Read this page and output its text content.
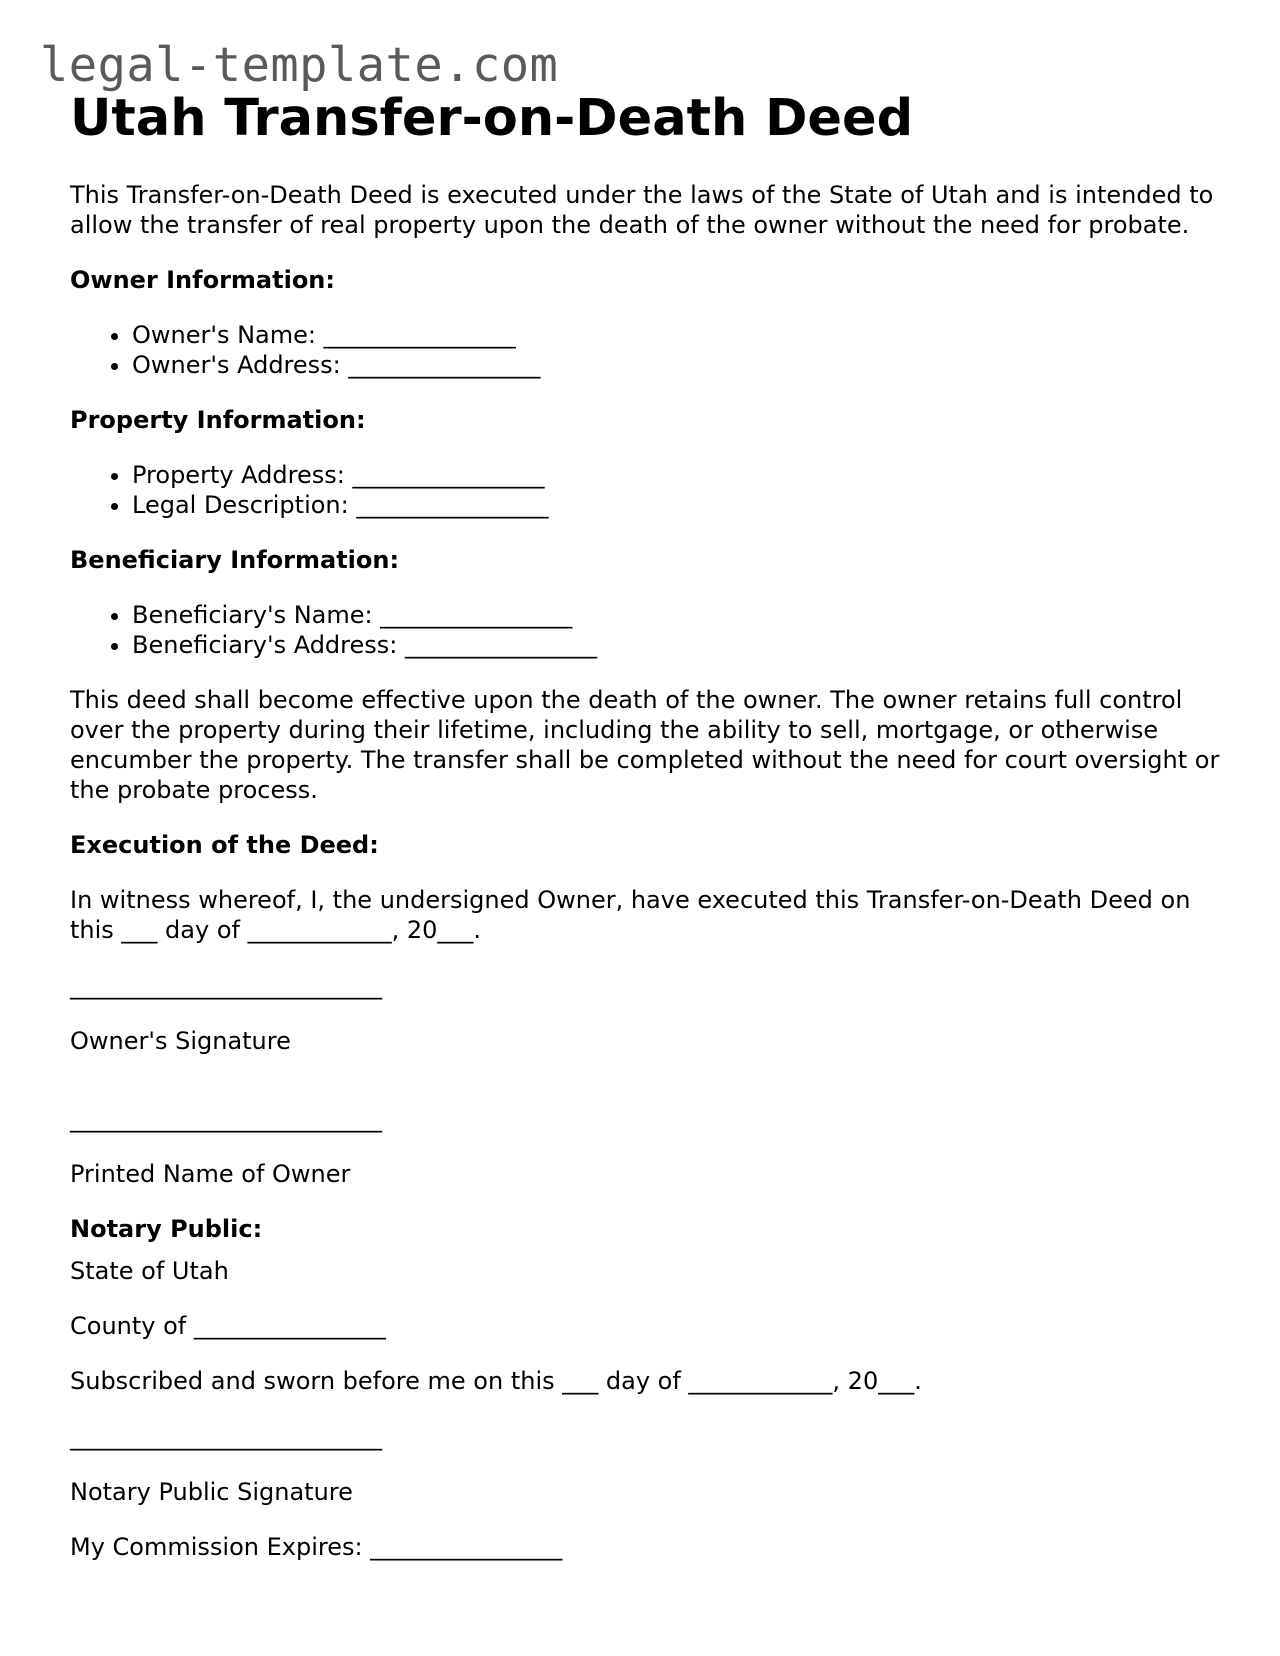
legal-template.com
Utah Transfer-on-Death Deed

This Transfer-on-Death Deed is executed under the laws of the State of Utah and is intended to allow the transfer of real property upon the death of the owner without the need for probate.

Owner Information:

• Owner's Name: ________________
• Owner's Address: ________________

Property Information:

• Property Address: ________________
• Legal Description: ________________

Beneficiary Information:

• Beneficiary's Name: ________________
• Beneficiary's Address: ________________

This deed shall become effective upon the death of the owner. The owner retains full control over the property during their lifetime, including the ability to sell, mortgage, or otherwise encumber the property. The transfer shall be completed without the need for court oversight or the probate process.

Execution of the Deed:

In witness whereof, I, the undersigned Owner, have executed this Transfer-on-Death Deed on this ___ day of ____________, 20___.

__________________________

Owner's Signature

__________________________

Printed Name of Owner

Notary Public:

State of Utah

County of ________________

Subscribed and sworn before me on this ___ day of ____________, 20___.

__________________________

Notary Public Signature

My Commission Expires: ________________
